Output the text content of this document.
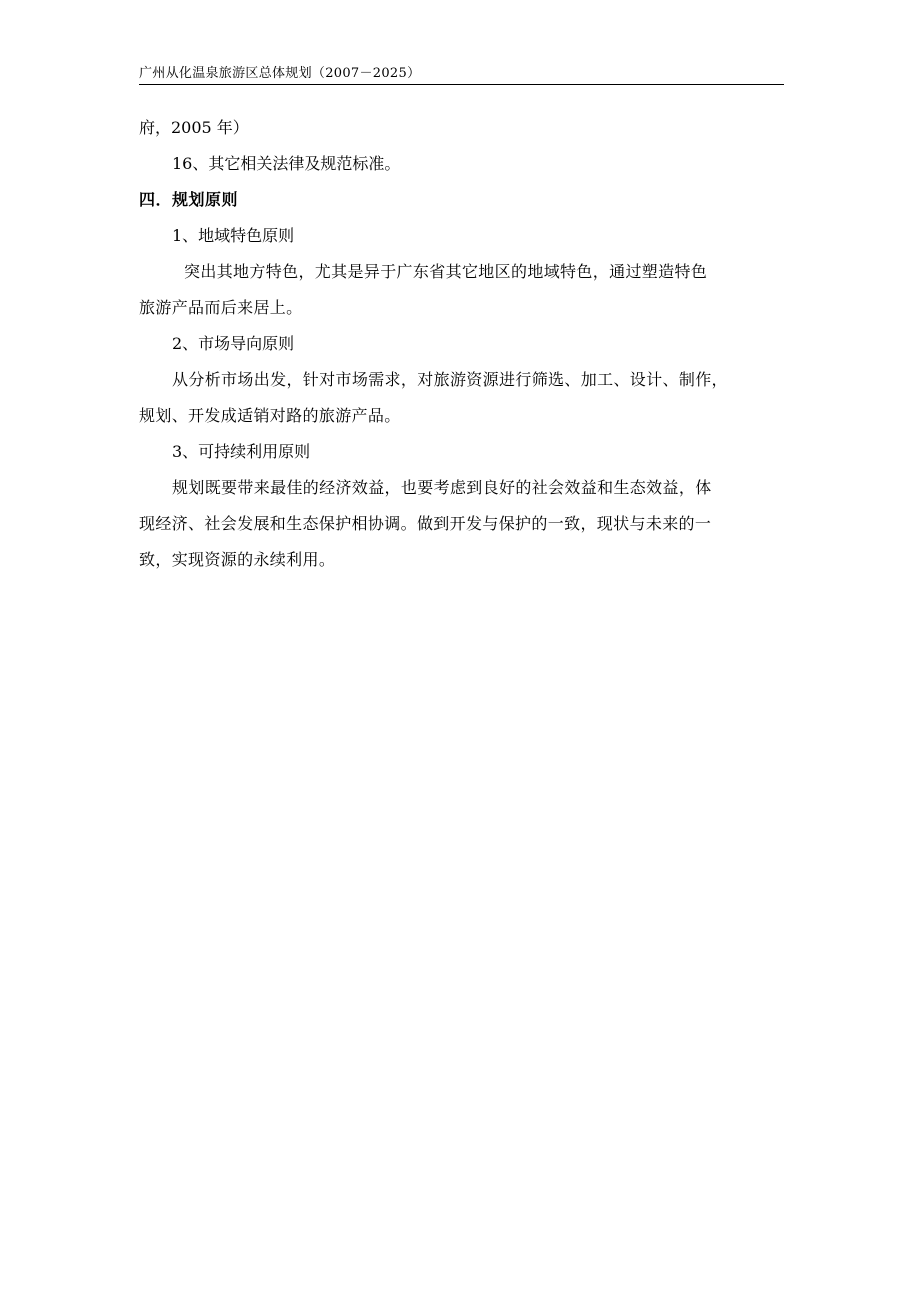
广州从化温泉旅游区总体规划（2007－2025）
府，2005 年）
16、其它相关法律及规范标准。
四．规划原则
1、地域特色原则
突出其地方特色，尤其是异于广东省其它地区的地域特色，通过塑造特色
旅游产品而后来居上。
2、市场导向原则
从分析市场出发，针对市场需求，对旅游资源进行筛选、加工、设计、制作，
规划、开发成适销对路的旅游产品。
3、可持续利用原则
规划既要带来最佳的经济效益，也要考虑到良好的社会效益和生态效益，体
现经济、社会发展和生态保护相协调。做到开发与保护的一致，现状与未来的一
致，实现资源的永续利用。
